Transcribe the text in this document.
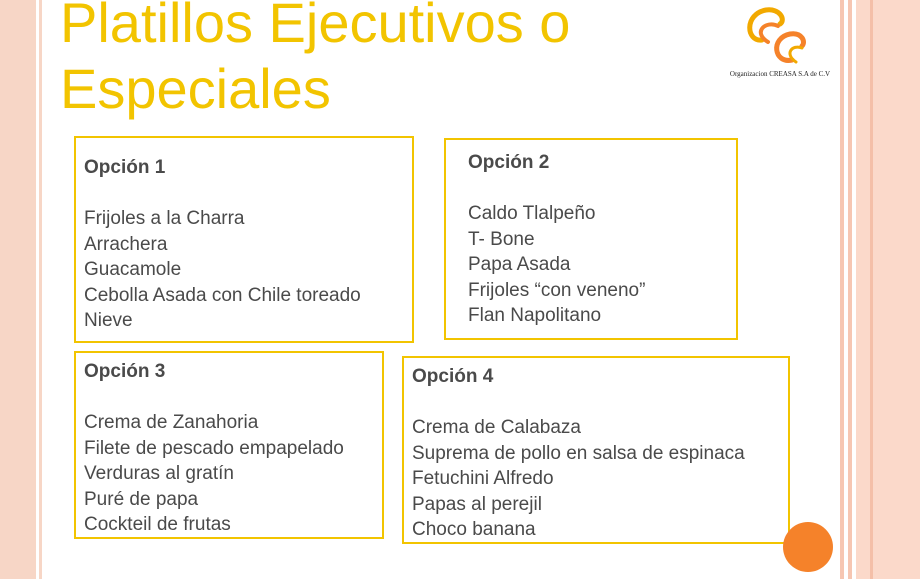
Platillos Ejecutivos o Especiales	Organizacion CREASA S.A de C.V
Opción 1
Frijoles a la Charra
Arrachera
Guacamole
Cebolla Asada con Chile toreado
Nieve
Opción 2
Caldo Tlalpeño
T- Bone
Papa Asada
Frijoles “con veneno”
Flan Napolitano
Opción 3
Crema de Zanahoria
Filete de pescado empapelado
Verduras al gratín
Puré de papa
Cockteil de frutas
Opción 4
Crema de Calabaza
Suprema de pollo en salsa de espinaca
Fetuchini Alfredo
Papas al perejil
Choco banana
